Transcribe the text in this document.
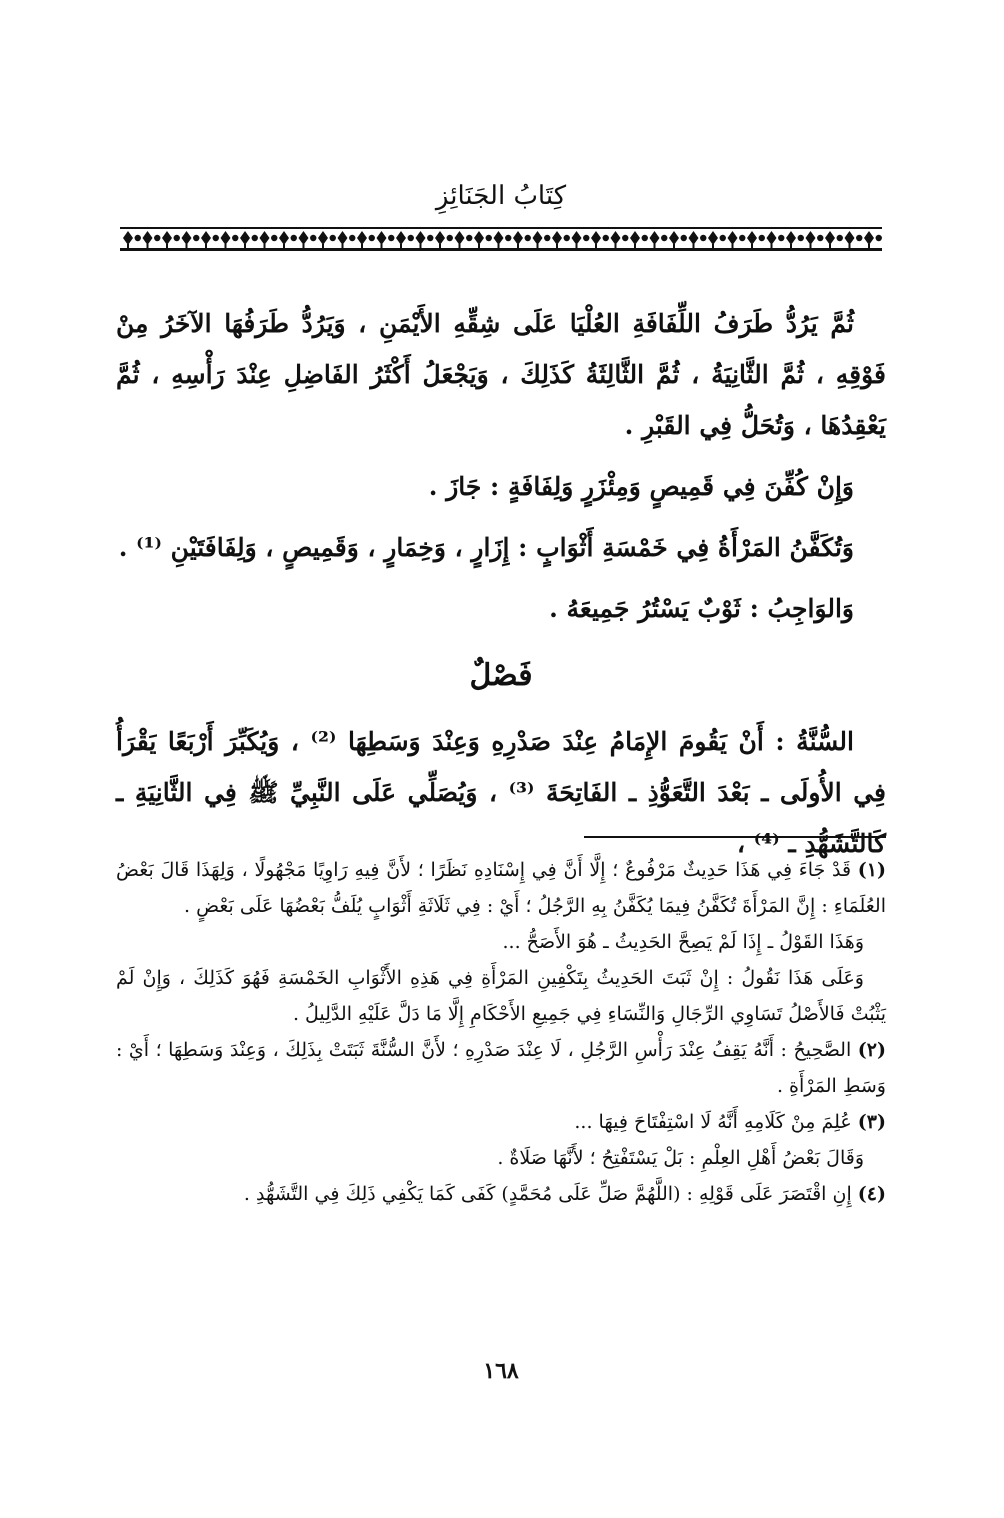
كِتَابُ الجَنَائِزِ

ثُمَّ يَرُدُّ طَرَفُ اللِّفَافَةِ العُلْيَا عَلَى شِقِّهِ الأَيْمَنِ ، وَيَرُدُّ طَرَفُهَا الآخَرُ مِنْ فَوْقِهِ ، ثُمَّ الثَّانِيَةُ ، ثُمَّ الثَّالِثَةُ كَذَلِكَ ، وَيَجْعَلُ أَكْثَرُ الفَاضِلِ عِنْدَ رَأْسِهِ ، ثُمَّ يَعْقِدُهَا ، وَتُحَلُّ فِي القَبْرِ .

وَإِنْ كُفِّنَ فِي قَمِيصٍ وَمِئْزَرٍ وَلِفَافَةٍ : جَازَ .

وَتُكَفَّنُ المَرْأَةُ فِي خَمْسَةِ أَثْوَابٍ : إِزَارٍ ، وَخِمَارٍ ، وَقَمِيصٍ ، وَلِفَافَتَيْنِ ⁽¹⁾ .

وَالوَاجِبُ : ثَوْبٌ يَسْتُرُ جَمِيعَهُ .

فَصْلٌ

السُّنَّةُ : أَنْ يَقُومَ الإِمَامُ عِنْدَ صَدْرِهِ وَعِنْدَ وَسَطِهَا ⁽²⁾ ، وَيُكَبِّرَ أَرْبَعًا يَقْرَأُ فِي الأُولَى ـ بَعْدَ التَّعَوُّذِ ـ الفَاتِحَةَ ⁽³⁾ ، وَيُصَلِّي عَلَى النَّبِيِّ ﷺ فِي الثَّانِيَةِ ـ كَالتَّشَهُّدِ ـ ⁽⁴⁾ ،

(١) قَدْ جَاءَ فِي هَذَا حَدِيثٌ مَرْفُوعٌ ؛ إِلَّا أَنَّ فِي إِسْنَادِهِ نَظَرًا ؛ لأَنَّ فِيهِ رَاوِيًا مَجْهُولًا ، وَلِهَذَا قَالَ بَعْضُ العُلَمَاءِ : إِنَّ المَرْأَةَ تُكَفَّنُ فِيمَا يُكَفَّنُ بِهِ الرَّجُلُ ؛ أَيْ : فِي ثَلَاثَةِ أَثْوَابٍ يُلَفُّ بَعْضُهَا عَلَى بَعْضٍ .

وَهَذَا القَوْلُ ـ إِذَا لَمْ يَصِحَّ الحَدِيثُ ـ هُوَ الأَصَحُّ ...

وَعَلَى هَذَا نَقُولُ : إِنْ ثَبَتَ الحَدِيثُ بِتَكْفِينِ المَرْأَةِ فِي هَذِهِ الأَثْوَابِ الخَمْسَةِ فَهُوَ كَذَلِكَ ، وَإِنْ لَمْ يَثْبُتْ فَالأَصْلُ تَسَاوِي الرِّجَالِ وَالنِّسَاءِ فِي جَمِيعِ الأَحْكَامِ إِلَّا مَا دَلَّ عَلَيْهِ الدَّلِيلُ .

(٢) الصَّحِيحُ : أَنَّهُ يَقِفُ عِنْدَ رَأْسِ الرَّجُلِ ، لَا عِنْدَ صَدْرِهِ ؛ لأَنَّ السُّنَّةَ ثَبَتَتْ بِذَلِكَ ، وَعِنْدَ وَسَطِهَا ؛ أَيْ : وَسَطِ المَرْأَةِ .

(٣) عُلِمَ مِنْ كَلَامِهِ أَنَّهُ لَا اسْتِفْتَاحَ فِيهَا ...

وَقَالَ بَعْضُ أَهْلِ العِلْمِ : بَلْ يَسْتَفْتِحُ ؛ لأَنَّهَا صَلَاةٌ .

(٤) إِنِ اقْتَصَرَ عَلَى قَوْلِهِ : (اللَّهُمَّ صَلِّ عَلَى مُحَمَّدٍ) كَفَى كَمَا يَكْفِي ذَلِكَ فِي التَّشَهُّدِ .

١٦٨
